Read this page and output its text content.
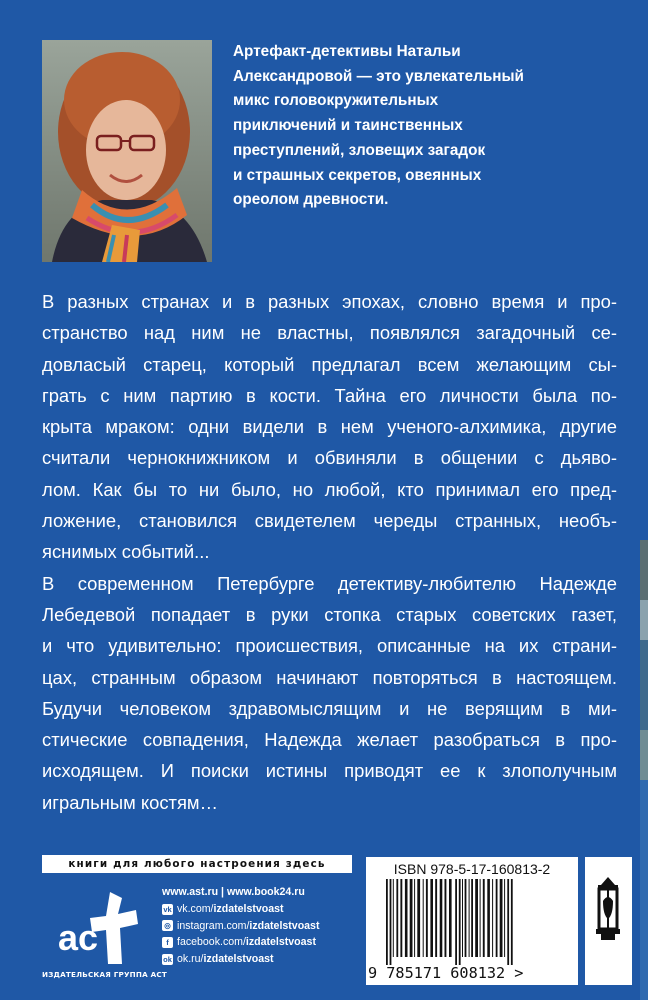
Артефакт-детективы Натальи
Александровой — это увлекательный
микс головокружительных
приключений и таинственных
преступлений, зловещих загадок
и страшных секретов, овеянных
ореолом древности.
В разных странах и в разных эпохах, словно время и про-
странство над ним не властны, появлялся загадочный се-
довласый старец, который предлагал всем желающим сы-
грать с ним партию в кости. Тайна его личности была по-
крыта мраком: одни видели в нем ученого-алхимика, другие
считали чернокнижником и обвиняли в общении с дьяво-
лом. Как бы то ни было, но любой, кто принимал его пред-
ложение, становился свидетелем череды странных, необъ-
яснимых событий...
В современном Петербурге детективу-любителю Надежде
Лебедевой попадает в руки стопка старых советских газет,
и что удивительно: происшествия, описанные на их страни-
цах, странным образом начинают повторяться в настоящем.
Будучи человеком здравомыслящим и не верящим в ми-
стические совпадения, Надежда желает разобраться в про-
исходящем. И поиски истины приводят ее к злополучным
игральным костям…
книги для любого настроения здесь
ас
ИЗДАТЕЛЬСКАЯ ГРУППА АСТ
www.ast.ru | www.book24.ru
vk vk.com/ izdatelstvoast
◎ instagram.com/ izdatelstvoast
f facebook.com/ izdatelstvoast
ok ok.ru/ izdatelstvoast
ISBN 978-5-17-160813-2
9 785171 608132 >
